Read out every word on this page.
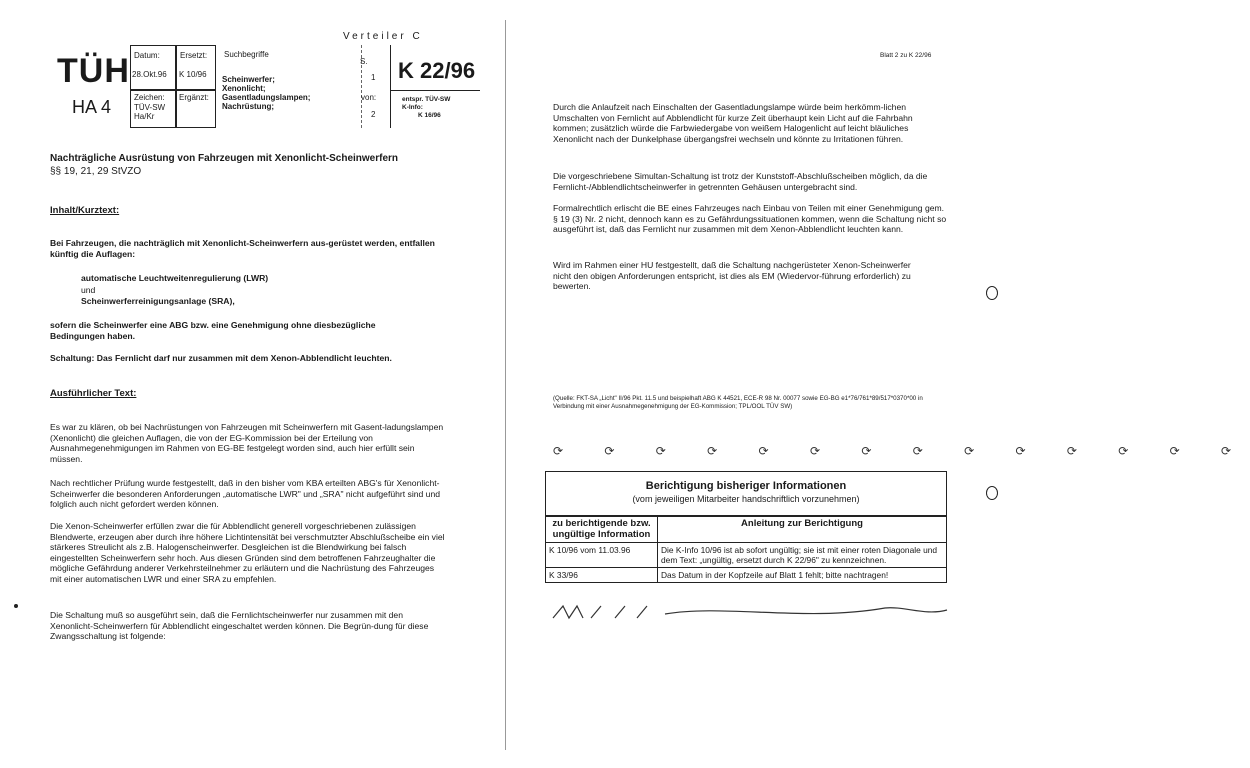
Verteiler C
TÜH
HA 4
Datum:
28.Okt.96
Ersetzt:
K 10/96
Zeichen:
TÜV-SW
Ha/Kr
Ergänzt:
Suchbegriffe
Scheinwerfer;
Xenonlicht;
Gasentladungslampen;
Nachrüstung;
S.
1
von:
2
K 22/96
entspr. TÜV-SW
K-Info:
K 16/96
Nachträgliche Ausrüstung von Fahrzeugen mit Xenonlicht-Scheinwerfern
§§ 19, 21, 29 StVZO
Inhalt/Kurztext:
Bei Fahrzeugen, die nachträglich mit Xenonlicht-Scheinwerfern aus-gerüstet werden, entfallen künftig die Auflagen:
automatische Leuchtweitenregulierung (LWR)
und
Scheinwerferreinigungsanlage (SRA),
sofern die Scheinwerfer eine ABG bzw. eine Genehmigung ohne diesbezügliche Bedingungen haben.
Schaltung: Das Fernlicht darf nur zusammen mit dem Xenon-Abblendlicht leuchten.
Ausführlicher Text:
Es war zu klären, ob bei Nachrüstungen von Fahrzeugen mit Scheinwerfern mit Gasent-ladungslampen (Xenonlicht) die gleichen Auflagen, die von der EG-Kommission bei der Erteilung von Ausnahmegenehmigungen im Rahmen von EG-BE festgelegt worden sind, auch hier erfüllt sein müssen.
Nach rechtlicher Prüfung wurde festgestellt, daß in den bisher vom KBA erteilten ABG's für Xenonlicht-Scheinwerfer die besonderen Anforderungen „automatische LWR" und „SRA" nicht aufgeführt sind und folglich auch nicht gefordert werden können.
Die Xenon-Scheinwerfer erfüllen zwar die für Abblendlicht generell vorgeschriebenen zulässigen Blendwerte, erzeugen aber durch ihre höhere Lichtintensität bei verschmutzter Abschlußscheibe ein viel stärkeres Streulicht als z.B. Halogenscheinwerfer. Desgleichen ist die Blendwirkung bei falsch eingestellten Scheinwerfern sehr hoch. Aus diesen Gründen sind dem betroffenen Fahrzeughalter die mögliche Gefährdung anderer Verkehrsteilnehmer zu erläutern und die Nachrüstung des Fahrzeuges mit einer automatischen LWR und einer SRA zu empfehlen.
Die Schaltung muß so ausgeführt sein, daß die Fernlichtscheinwerfer nur zusammen mit den Xenonlicht-Scheinwerfern für Abblendlicht eingeschaltet werden können. Die Begrün-dung für diese Zwangsschaltung ist folgende:
Blatt 2 zu K 22/96
Durch die Anlaufzeit nach Einschalten der Gasentladungslampe würde beim herkömm-lichen Umschalten von Fernlicht auf Abblendlicht für kurze Zeit überhaupt kein Licht auf die Fahrbahn kommen; zusätzlich würde die Farbwiedergabe von weißem Halogenlicht auf leicht bläuliches Xenonlicht nach der Dunkelphase übergangsfrei wechseln und könnte zu Irritationen führen.
Die vorgeschriebene Simultan-Schaltung ist trotz der Kunststoff-Abschlußscheiben möglich, da die Fernlicht-/Abblendlichtscheinwerfer in getrennten Gehäusen untergebracht sind.
Formalrechtlich erlischt die BE eines Fahrzeuges nach Einbau von Teilen mit einer Genehmigung gem. § 19 (3) Nr. 2 nicht, dennoch kann es zu Gefährdungssituationen kommen, wenn die Schaltung nicht so ausgeführt ist, daß das Fernlicht nur zusammen mit dem Xenon-Abblendlicht leuchten kann.
Wird im Rahmen einer HU festgestellt, daß die Schaltung nachgerüsteter Xenon-Scheinwerfer nicht den obigen Anforderungen entspricht, ist dies als EM (Wiedervor-führung erforderlich) zu bewerten.
(Quelle: FKT-SA „Licht" II/96 Pkt. 11.5 und beispielhaft ABG K 44521, ECE-R 98 Nr. 00077 sowie EG-BG e1*76/761*89/517*0370*00 in Verbindung mit einer Ausnahmegenehmigung der EG-Kommission; TPL/OOL TÜV SW)
⟳ ⟳ ⟳ ⟳ ⟳ ⟳ ⟳ ⟳ ⟳ ⟳ ⟳ ⟳ ⟳ ⟳
Berichtigung bisheriger Informationen
(vom jeweiligen Mitarbeiter handschriftlich vorzunehmen)
zu berichtigende bzw. ungültige Information	Anleitung zur Berichtigung
K 10/96 vom 11.03.96	Die K-Info 10/96 ist ab sofort ungültig; sie ist mit einer roten Diagonale und dem Text: „ungültig, ersetzt durch K 22/96" zu kennzeichnen.
K 33/96	Das Datum in der Kopfzeile auf Blatt 1 fehlt; bitte nachtragen!
